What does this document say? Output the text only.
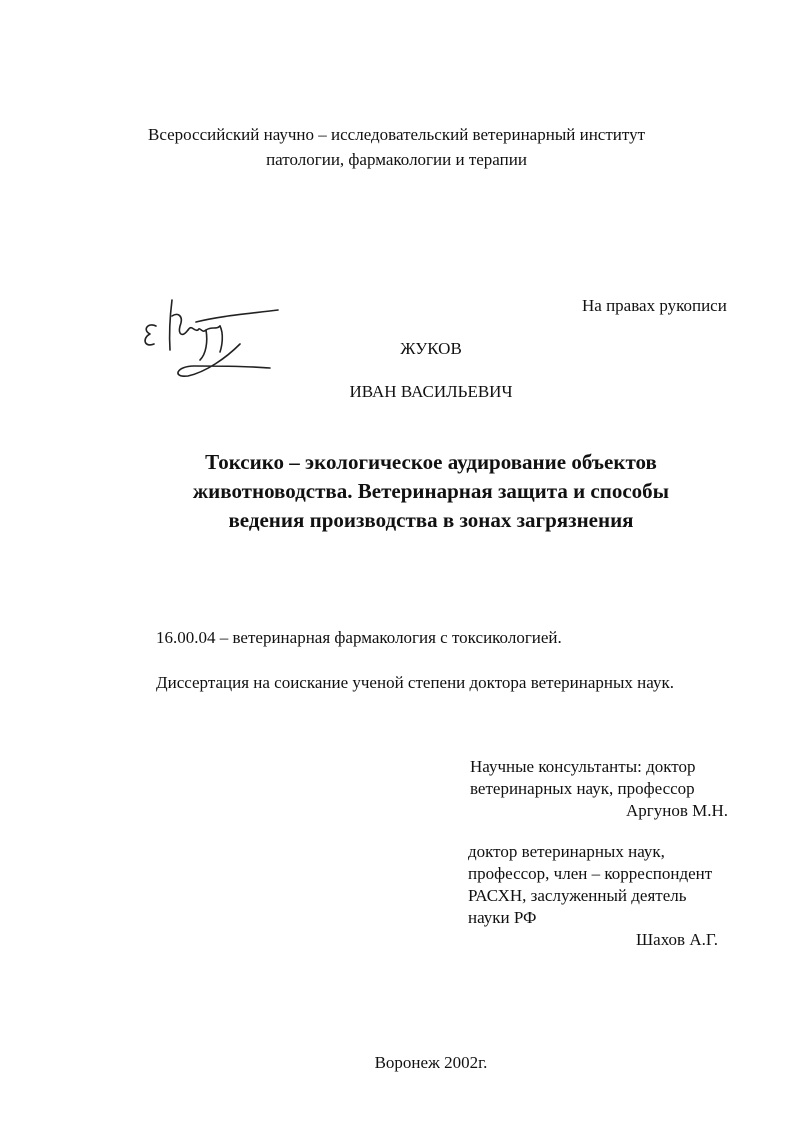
Всероссийский научно – исследовательский ветеринарный институт
патологии, фармакологии и терапии
На правах рукописи
ЖУКОВ
ИВАН ВАСИЛЬЕВИЧ
Токсико – экологическое аудирование объектов
животноводства. Ветеринарная защита и способы
ведения производства в зонах загрязнения
16.00.04 – ветеринарная фармакология с токсикологией.
Диссертация на соискание ученой степени доктора ветеринарных наук.
Научные консультанты: доктор
ветеринарных наук, профессор
Аргунов М.Н.
доктор ветеринарных наук,
профессор, член – корреспондент
РАСХН, заслуженный деятель
науки РФ
Шахов А.Г.
Воронеж 2002г.
